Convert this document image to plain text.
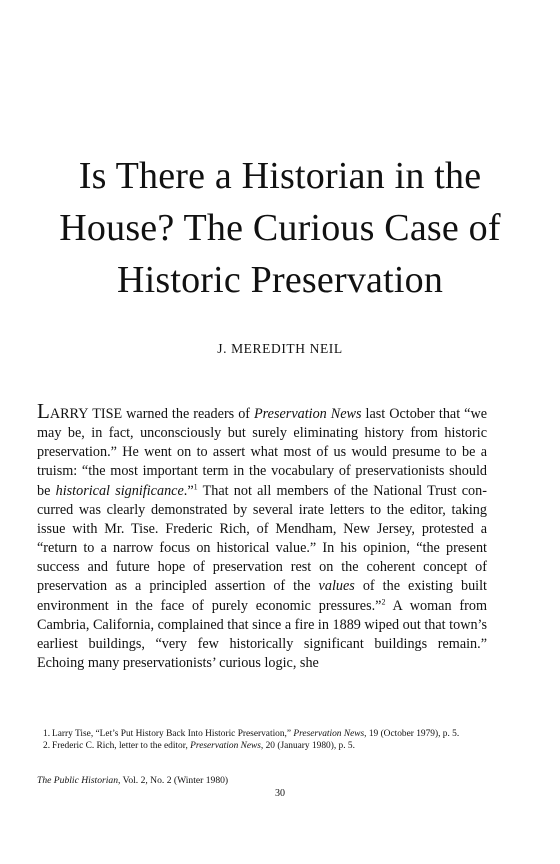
Is There a Historian in the
House? The Curious Case of
Historic Preservation
J. MEREDITH NEIL

LARRY TISE warned the readers of Preservation News last October that “we may be, in fact, unconsciously but surely eliminating history from historic preservation.” He went on to assert what most of us would presume to be a truism: “the most important term in the vocabulary of preservationists should be historical significance.”$^1$ That not all members of the National Trust concurred was clearly demonstrated by several irate letters to the editor, taking issue with Mr. Tise. Frederic Rich, of Mendham, New Jersey, protested a “return to a narrow focus on historical value.” In his opinion, “the present success and future hope of preservation rest on the coherent concept of preservation as a principled assertion of the values of the existing built environment in the face of purely economic pressures.”$^2$ A woman from Cambria, California, complained that since a fire in 1889 wiped out that town’s earliest buildings, “very few historically significant buildings remain.” Echoing many preservationists’ curious logic, she

1. Larry Tise, “Let’s Put History Back Into Historic Preservation,” Preservation News, 19 (October 1979), p. 5.

2. Frederic C. Rich, letter to the editor, Preservation News, 20 (January 1980), p. 5.

The Public Historian, Vol. 2, No. 2 (Winter 1980)
30
